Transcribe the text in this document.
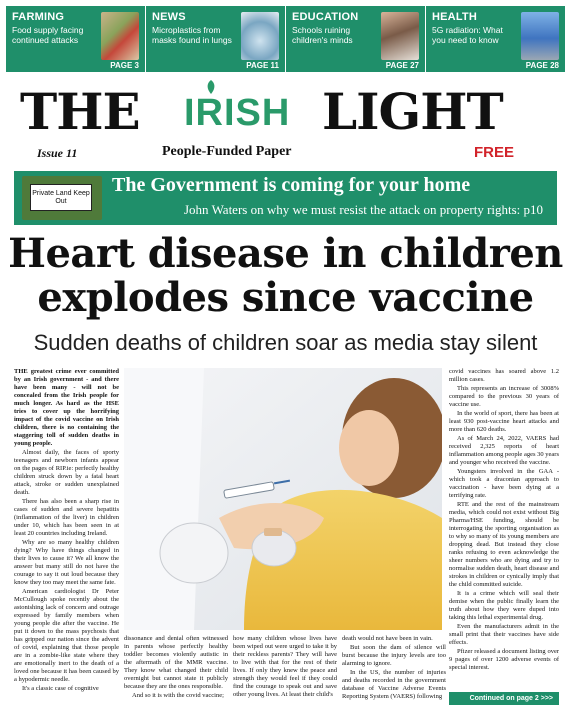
FARMING
Food supply facing continued attacks
PAGE 3
NEWS
Microplastics from masks found in lungs
PAGE 11
EDUCATION
Schools ruining children's minds
PAGE 27
HEALTH
5G radiation: What you need to know
PAGE 28
THE IRISH LIGHT
Issue 11	People-Funded Paper	FREE
Private Land Keep Out
The Government is coming for your home
John Waters on why we must resist the attack on property rights: p10
Heart disease in children explodes since vaccine
Sudden deaths of children soar as media stay silent

THE greatest crime ever committed by an Irish government - and there have been many - will not be concealed from the Irish people for much longer. As hard as the HSE tries to cover up the horrifying impact of the covid vaccine on Irish children, there is no containing the staggering toll of sudden deaths in young people.

Almost daily, the faces of sporty teenagers and newborn infants appear on the pages of RIP.ie: perfectly healthy children struck down by a fatal heart attack, stroke or sudden unexplained death.

There has also been a sharp rise in cases of sudden and severe hepatitis (inflammation of the liver) in children under 10, which has been seen in at least 20 countries including Ireland.

Why are so many healthy children dying? Why have things changed in their lives to cause it? We all know the answer but many still do not have the courage to say it out loud because they know they too may meet the same fate.

American cardiologist Dr Peter McCullough spoke recently about the astonishing lack of concern and outrage expressed by family members when young people die after the vaccine. He put it down to the mass psychosis that has gripped our nation since the advent of covid, explaining that those people are in a zombie-like state where they are emotionally inert to the death of a loved one because it has been caused by a hypodermic needle.

It's a classic case of cognitive

dissonance and denial often witnessed in parents whose perfectly healthy toddler becomes violently autistic in the aftermath of the MMR vaccine. They know what changed their child overnight but cannot state it publicly because they are the ones responsible.

And so it is with the covid vaccine;

how many children whose lives have been wiped out were urged to take it by their reckless parents? They will have to live with that for the rest of their lives. If only they knew the peace and strength they would feel if they could find the courage to speak out and save other young lives. At least their child's

death would not have been in vain.

But soon the dam of silence will burst because the injury levels are too alarming to ignore.

In the US, the number of injuries and deaths recorded in the government database of Vaccine Adverse Events Reporting System (VAERS) following

covid vaccines has soared above 1.2 million cases.

This represents an increase of 3008% compared to the previous 30 years of vaccine use.

In the world of sport, there has been at least 930 post-vaccine heart attacks and more than 620 deaths.

As of March 24, 2022, VAERS had received 2,325 reports of heart inflammation among people ages 30 years and younger who received the vaccine.

Youngsters involved in the GAA - which took a draconian approach to vaccination - have been dying at a terrifying rate.

RTE and the rest of the mainstream media, which could not exist without Big Pharma/HSE funding, should be interrogating the sporting organisation as to why so many of its young members are dropping dead. But instead they close ranks refusing to even acknowledge the sheer numbers who are dying and try to normalise sudden death, heart disease and strokes in children or cynically imply that the child committed suicide.

It is a crime which will seal their demise when the public finally learn the truth about how they were duped into taking this lethal experimental drug.

Even the manufacturers admit in the small print that their vaccines have side effects.

Pfizer released a document listing over 9 pages of over 1200 adverse events of special interest.

Continued on page 2 >>>
